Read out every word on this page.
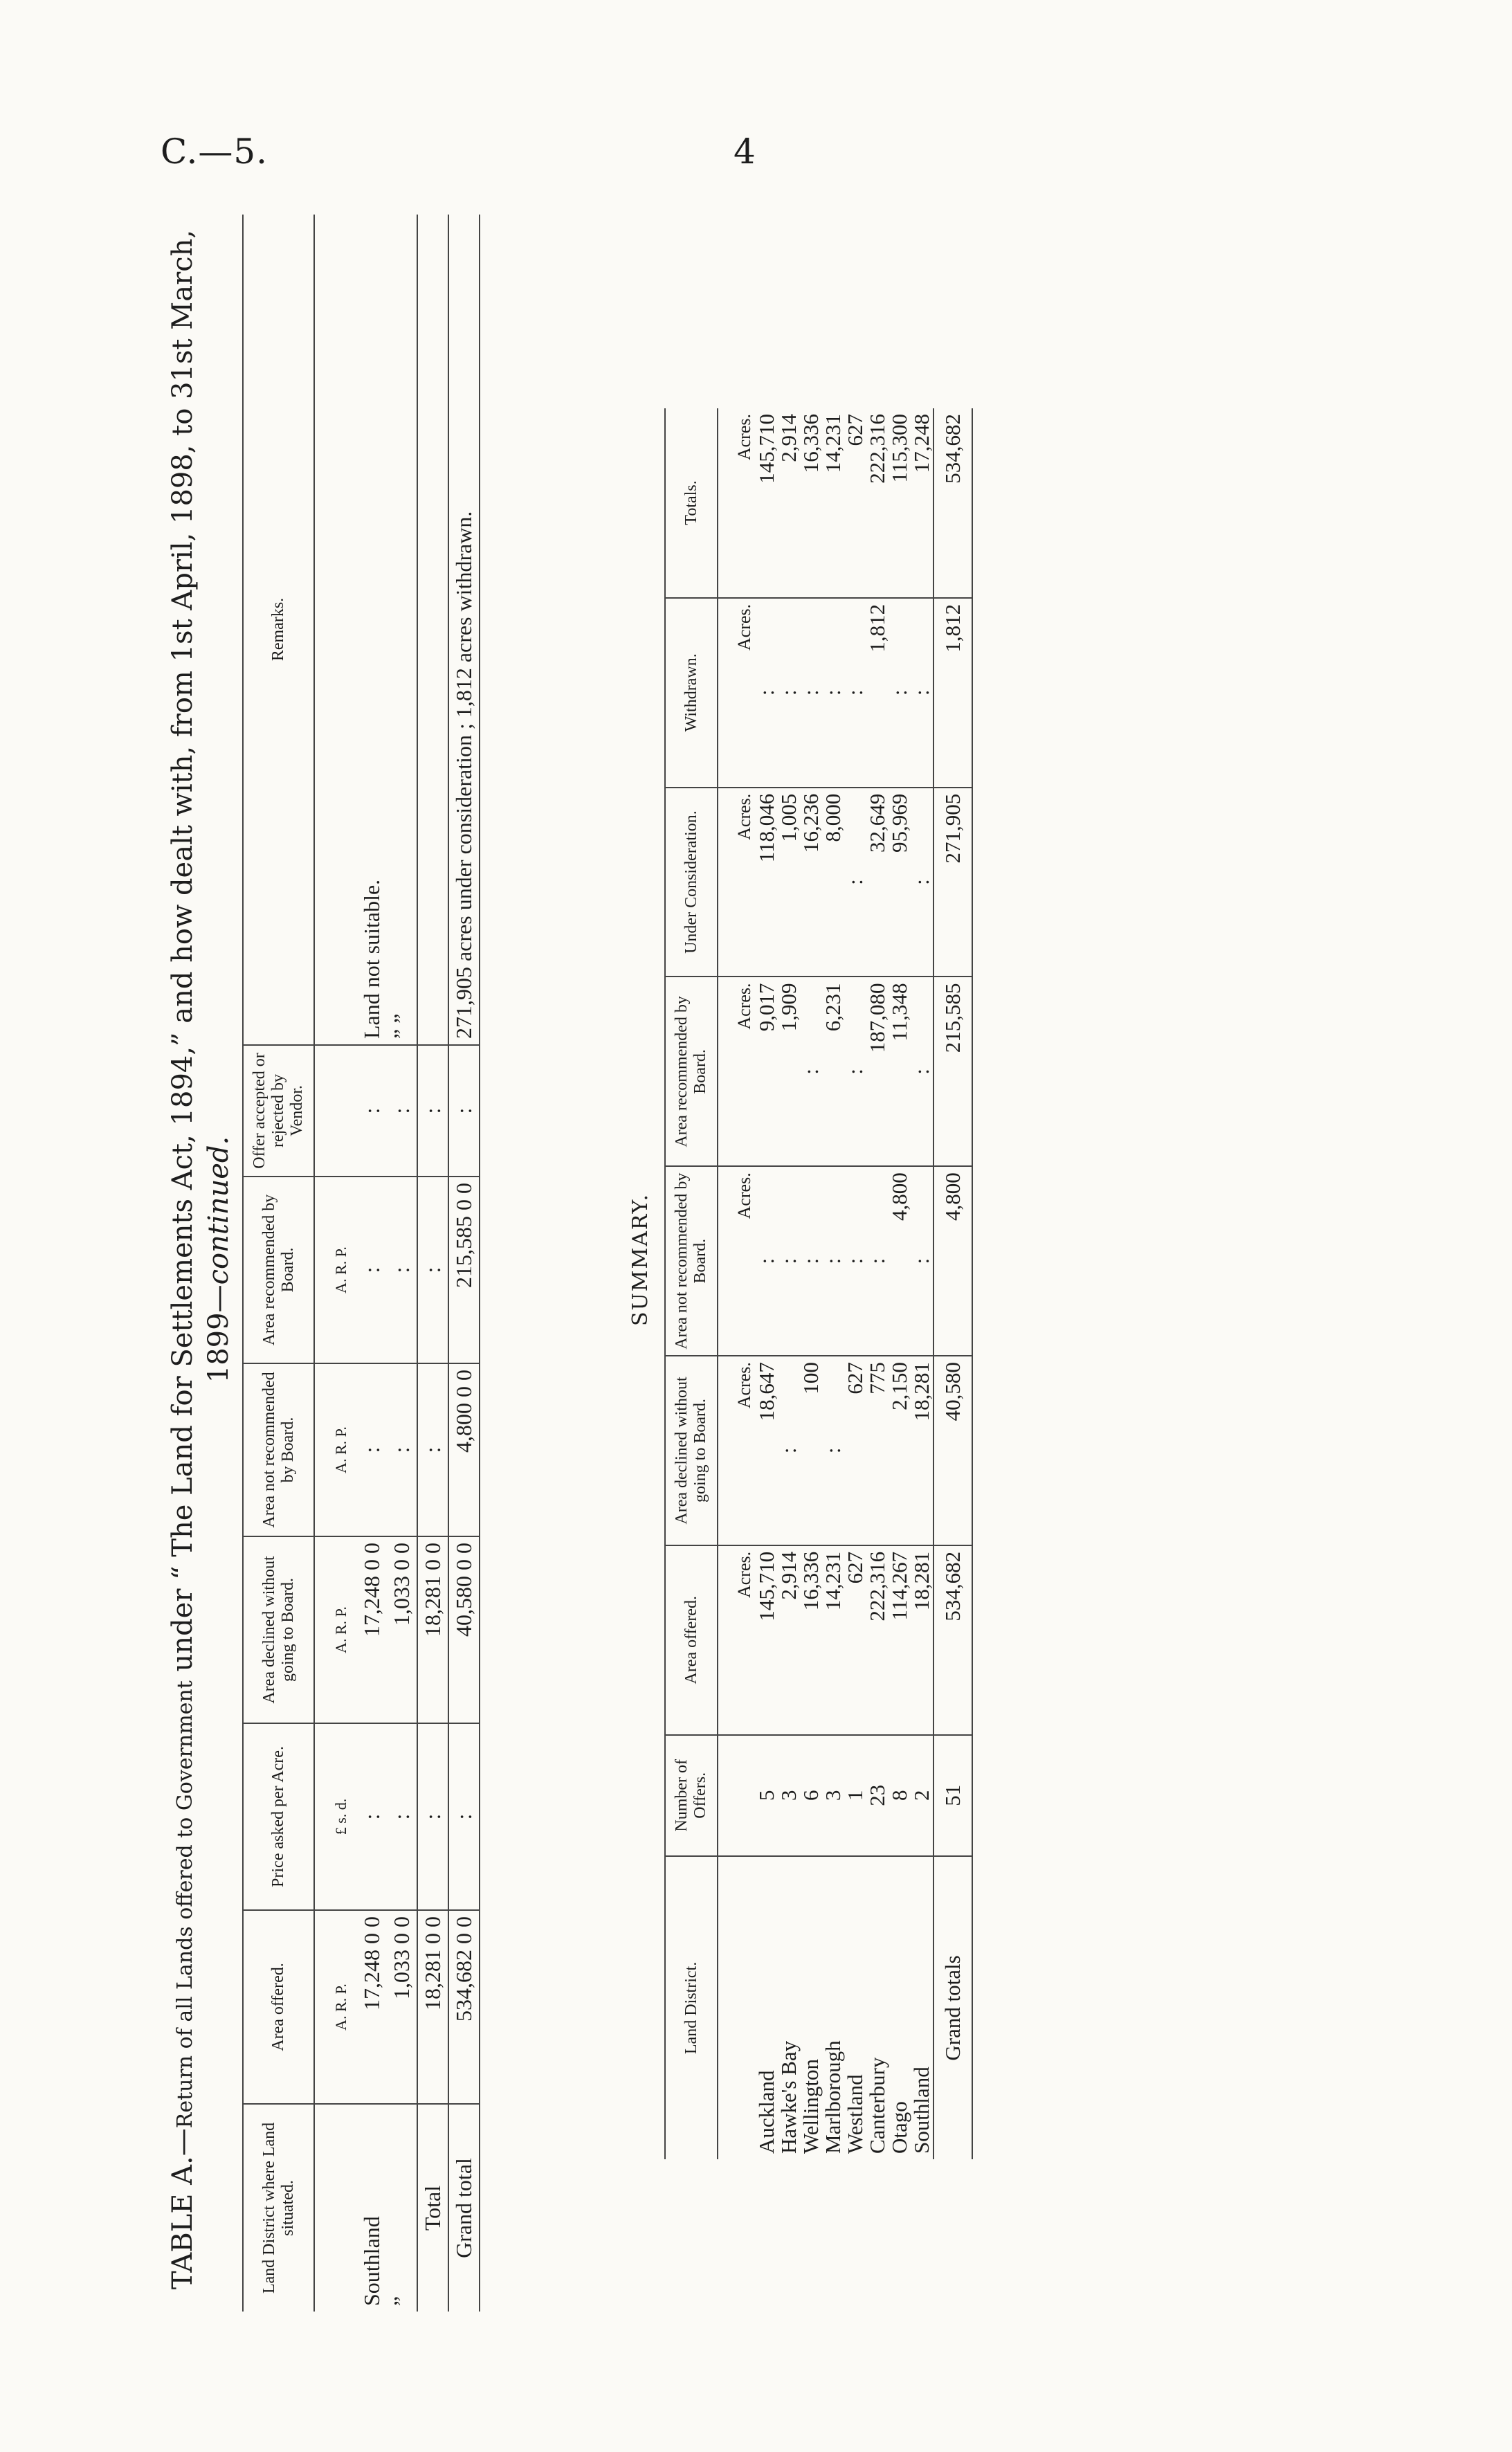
C.—5.	4
TABLE A.—Return of all Lands offered to Government under “ The Land for Settlements Act, 1894,” and how dealt with, from 1st April, 1898, to 31st March, 1899—continued.
Land District where Land situated.	Area offered.	Price asked per Acre.	Area declined without going to Board.	Area not recommended by Board.	Area recommended by Board.	Offer accepted or rejected by Vendor.	Remarks.
	A. R. P.	£ s. d.	A. R. P.	A. R. P.	A. R. P.		
Southland	17,248 0 0	:	17,248 0 0	:	:	:	Land not suitable.
”	1,033 0 0	:	1,033 0 0	:	:	:	” ”
Total	18,281 0 0	:	18,281 0 0	:	:	:	
Grand total	534,682 0 0	:	40,580 0 0	4,800 0 0	215,585 0 0	:	271,905 acres under consideration ; 1,812 acres withdrawn.
SUMMARY.
Land District.	Number of Offers.	Area offered.	Area declined without going to Board.	Area not recommended by Board.	Area recommended by Board.	Under Consideration.	Withdrawn.	Totals.
		Acres.	Acres.	Acres.	Acres.	Acres.	Acres.	Acres.
Auckland	5	145,710	18,647	:	9,017	118,046	:	145,710
Hawke's Bay	3	2,914	:	:	1,909	1,005	:	2,914
Wellington	6	16,336	100	:	:	16,236	:	16,336
Marlborough	3	14,231	:	:	6,231	8,000	:	14,231
Westland	1	627	627	:	:	:	:	627
Canterbury	23	222,316	775	:	187,080	32,649	1,812	222,316
Otago	8	114,267	2,150	4,800	11,348	95,969	:	115,300
Southland	2	18,281	18,281	:	:	:	:	17,248
Grand totals	51	534,682	40,580	4,800	215,585	271,905	1,812	534,682
